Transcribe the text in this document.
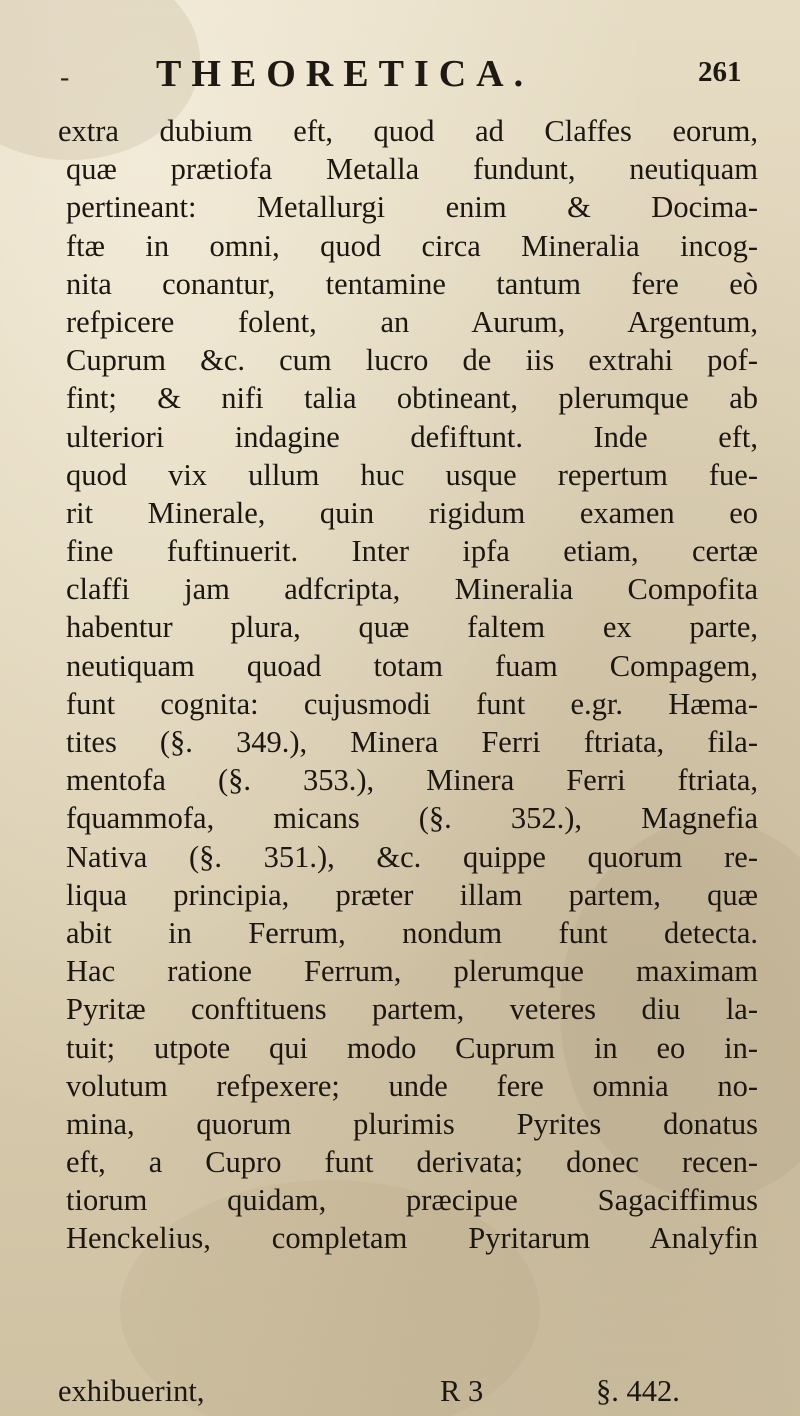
- THEORETICA.	261
extra dubium eft, quod ad Claffes eorum,
quæ prætiofa Metalla fundunt, neutiquam
pertineant: Metallurgi enim & Docima-
ftæ in omni, quod circa Mineralia incog-
nita conantur, tentamine tantum fere eò
refpicere folent, an Aurum, Argentum,
Cuprum &c. cum lucro de iis extrahi pof-
fint; & nifi talia obtineant, plerumque ab
ulteriori indagine defiftunt. Inde eft,
quod vix ullum huc usque repertum fue-
rit Minerale, quin rigidum examen eo
fine fuftinuerit. Inter ipfa etiam, certæ
claffi jam adfcripta, Mineralia Compofita
habentur plura, quæ faltem ex parte,
neutiquam quoad totam fuam Compagem,
funt cognita: cujusmodi funt e.gr. Hæma-
tites (§. 349.), Minera Ferri ftriata, fila-
mentofa (§. 353.), Minera Ferri ftriata,
fquammofa, micans (§. 352.), Magnefia
Nativa (§. 351.), &c. quippe quorum re-
liqua principia, præter illam partem, quæ
abit in Ferrum, nondum funt detecta.
Hac ratione Ferrum, plerumque maximam
Pyritæ conftituens partem, veteres diu la-
tuit; utpote qui modo Cuprum in eo in-
volutum refpexere; unde fere omnia no-
mina, quorum plurimis Pyrites donatus
eft, a Cupro funt derivata; donec recen-
tiorum quidam, præcipue Sagaciffimus
Henckelius, completam Pyritarum Analyfin
exhibuerint,	R 3	§. 442.
